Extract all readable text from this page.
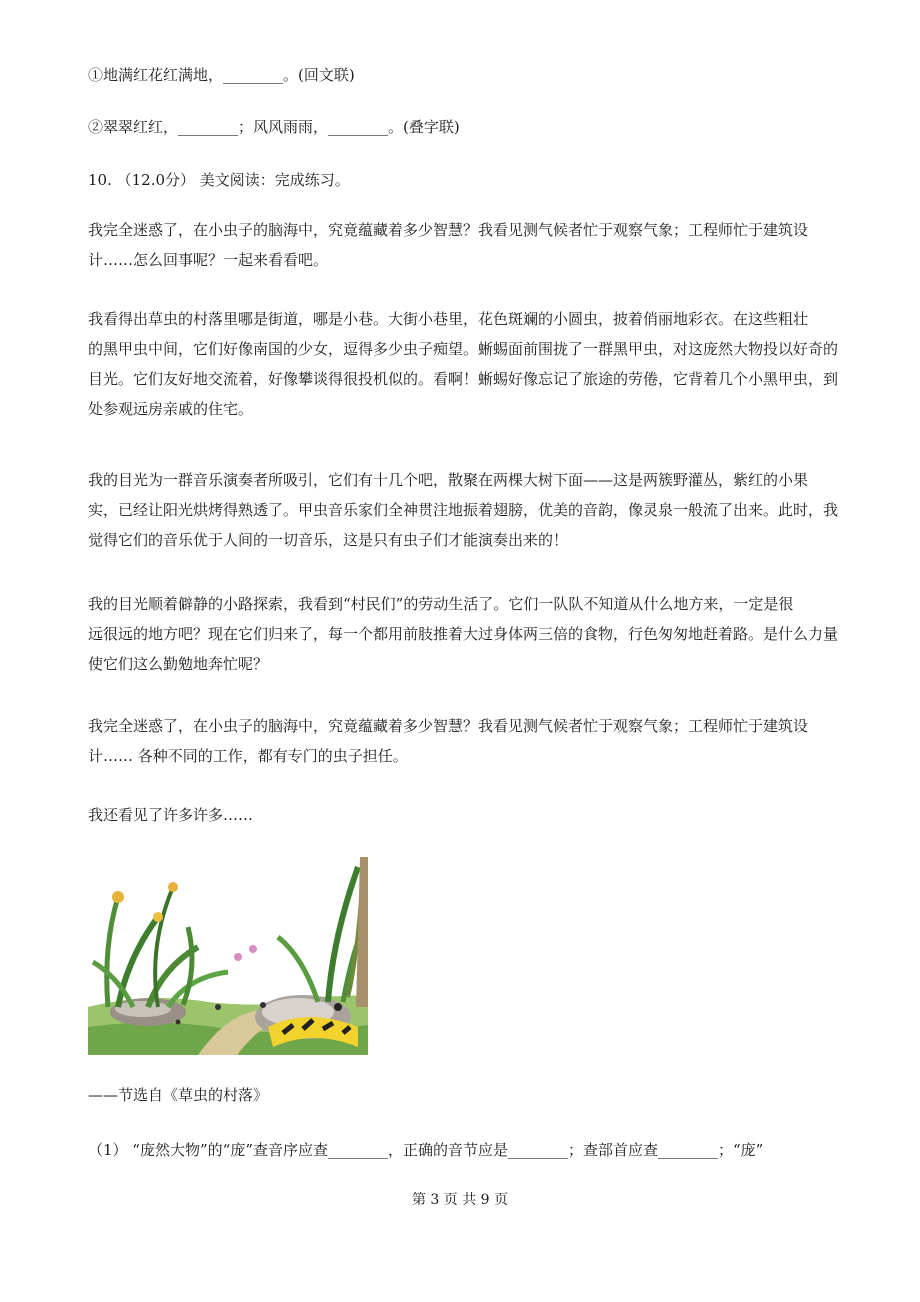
①地满红花红满地，________。(回文联)
②翠翠红红，________；风风雨雨，________。(叠字联)
10. （12.0分） 美文阅读：完成练习。
我完全迷惑了，在小虫子的脑海中，究竟蕴藏着多少智慧？我看见测气候者忙于观察气象；工程师忙于建筑设
计……怎么回事呢？一起来看看吧。
我看得出草虫的村落里哪是街道，哪是小巷。大街小巷里，花色斑斓的小圆虫，披着俏丽地彩衣。在这些粗壮
的黑甲虫中间，它们好像南国的少女，逗得多少虫子痴望。蜥蜴面前围拢了一群黑甲虫，对这庞然大物投以好奇的
目光。它们友好地交流着，好像攀谈得很投机似的。看啊！蜥蜴好像忘记了旅途的劳倦，它背着几个小黑甲虫，到
处参观远房亲戚的住宅。
我的目光为一群音乐演奏者所吸引，它们有十几个吧，散聚在两棵大树下面——这是两簇野灌丛，紫红的小果
实，已经让阳光烘烤得熟透了。甲虫音乐家们全神贯注地振着翅膀，优美的音韵，像灵泉一般流了出来。此时，我
觉得它们的音乐优于人间的一切音乐，这是只有虫子们才能演奏出来的！
我的目光顺着僻静的小路探索，我看到“村民们”的劳动生活了。它们一队队不知道从什么地方来，一定是很
远很远的地方吧？现在它们归来了，每一个都用前肢推着大过身体两三倍的食物，行色匆匆地赶着路。是什么力量
使它们这么勤勉地奔忙呢？
我完全迷惑了，在小虫子的脑海中，究竟蕴藏着多少智慧？我看见测气候者忙于观察气象；工程师忙于建筑设
计…… 各种不同的工作，都有专门的虫子担任。
我还看见了许多许多……
——节选自《草虫的村落》
（1） “庞然大物”的“庞”查音序应查________，正确的音节应是________；查部首应查________；“庞”
第 3 页 共 9 页
